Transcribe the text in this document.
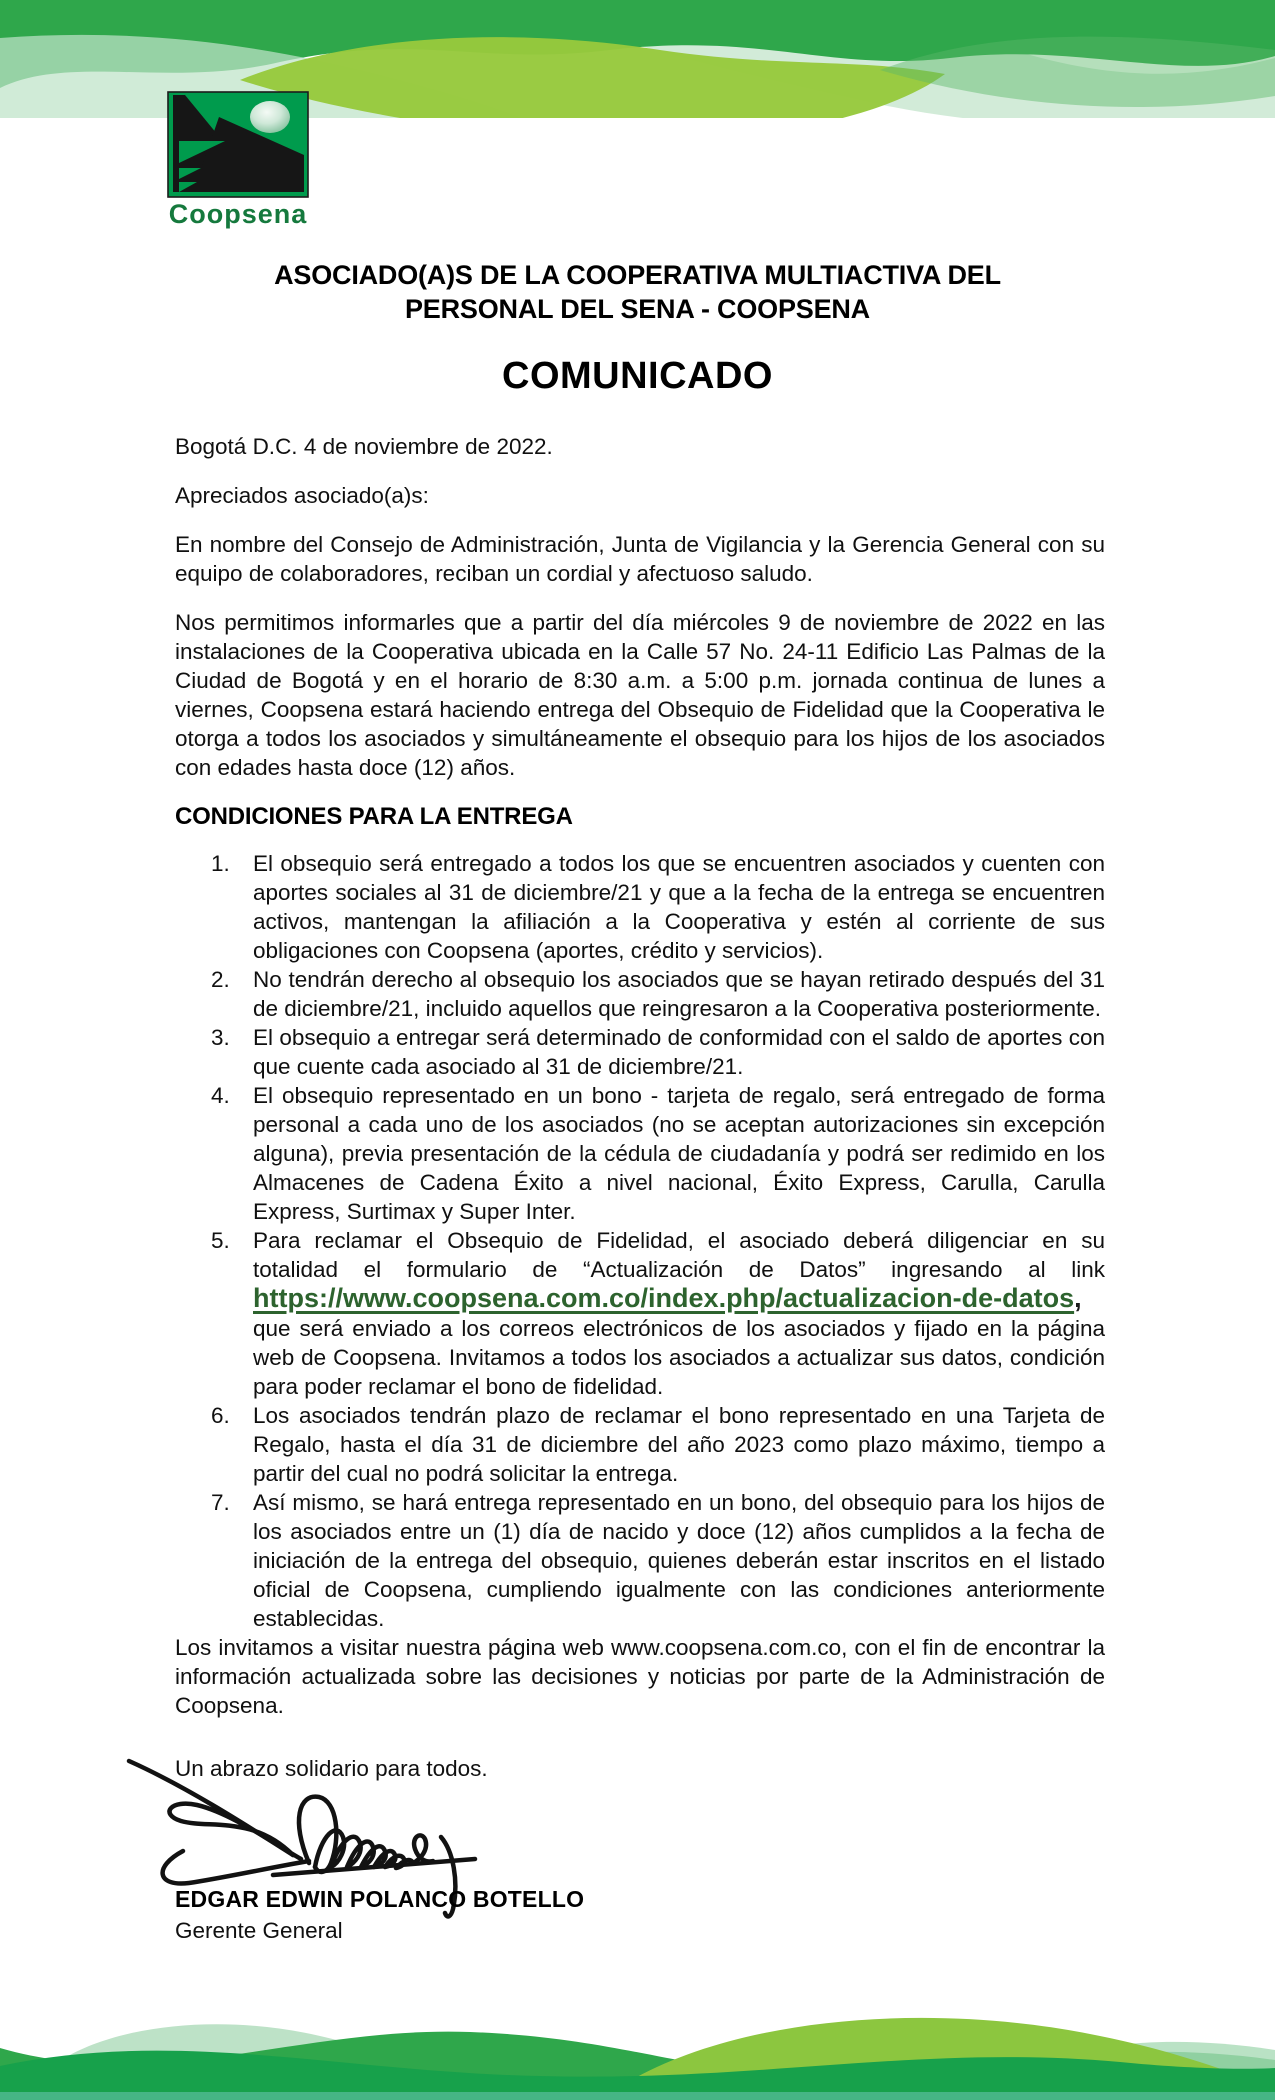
Coopsena
ASOCIADO(A)S DE LA COOPERATIVA MULTIACTIVA DEL
PERSONAL DEL SENA - COOPSENA
COMUNICADO

Bogotá D.C. 4 de noviembre de 2022.

Apreciados asociado(a)s:

En nombre del Consejo de Administración, Junta de Vigilancia y la Gerencia General con su equipo de colaboradores, reciban un cordial y afectuoso saludo.

Nos permitimos informarles que a partir del día miércoles 9 de noviembre de 2022 en las instalaciones de la Cooperativa ubicada en la Calle 57 No. 24-11 Edificio Las Palmas de la Ciudad de Bogotá y en el horario de 8:30 a.m. a 5:00 p.m. jornada continua de lunes a viernes, Coopsena estará haciendo entrega del Obsequio de Fidelidad que la Cooperativa le otorga a todos los asociados y simultáneamente el obsequio para los hijos de los asociados con edades hasta doce (12) años.

CONDICIONES PARA LA ENTREGA
1. El obsequio será entregado a todos los que se encuentren asociados y cuenten con aportes sociales al 31 de diciembre/21 y que a la fecha de la entrega se encuentren activos, mantengan la afiliación a la Cooperativa y estén al corriente de sus obligaciones con Coopsena (aportes, crédito y servicios).
2. No tendrán derecho al obsequio los asociados que se hayan retirado después del 31 de diciembre/21, incluido aquellos que reingresaron a la Cooperativa posteriormente.
3. El obsequio a entregar será determinado de conformidad con el saldo de aportes con que cuente cada asociado al 31 de diciembre/21.
4. El obsequio representado en un bono - tarjeta de regalo, será entregado de forma personal a cada uno de los asociados (no se aceptan autorizaciones sin excepción alguna), previa presentación de la cédula de ciudadanía y podrá ser redimido en los Almacenes de Cadena Éxito a nivel nacional, Éxito Express, Carulla, Carulla Express, Surtimax y Super Inter.
5. Para reclamar el Obsequio de Fidelidad, el asociado deberá diligenciar en su totalidad el formulario de “Actualización de Datos” ingresando al link https://www.coopsena.com.co/index.php/actualizacion-de-datos, que será enviado a los correos electrónicos de los asociados y fijado en la página web de Coopsena. Invitamos a todos los asociados a actualizar sus datos, condición para poder reclamar el bono de fidelidad.
6. Los asociados tendrán plazo de reclamar el bono representado en una Tarjeta de Regalo, hasta el día 31 de diciembre del año 2023 como plazo máximo, tiempo a partir del cual no podrá solicitar la entrega.
7. Así mismo, se hará entrega representado en un bono, del obsequio para los hijos de los asociados entre un (1) día de nacido y doce (12) años cumplidos a la fecha de iniciación de la entrega del obsequio, quienes deberán estar inscritos en el listado oficial de Coopsena, cumpliendo igualmente con las condiciones anteriormente establecidas.

Los invitamos a visitar nuestra página web www.coopsena.com.co, con el fin de encontrar la información actualizada sobre las decisiones y noticias por parte de la Administración de Coopsena.

Un abrazo solidario para todos.

EDGAR EDWIN POLANCO BOTELLO
Gerente General
